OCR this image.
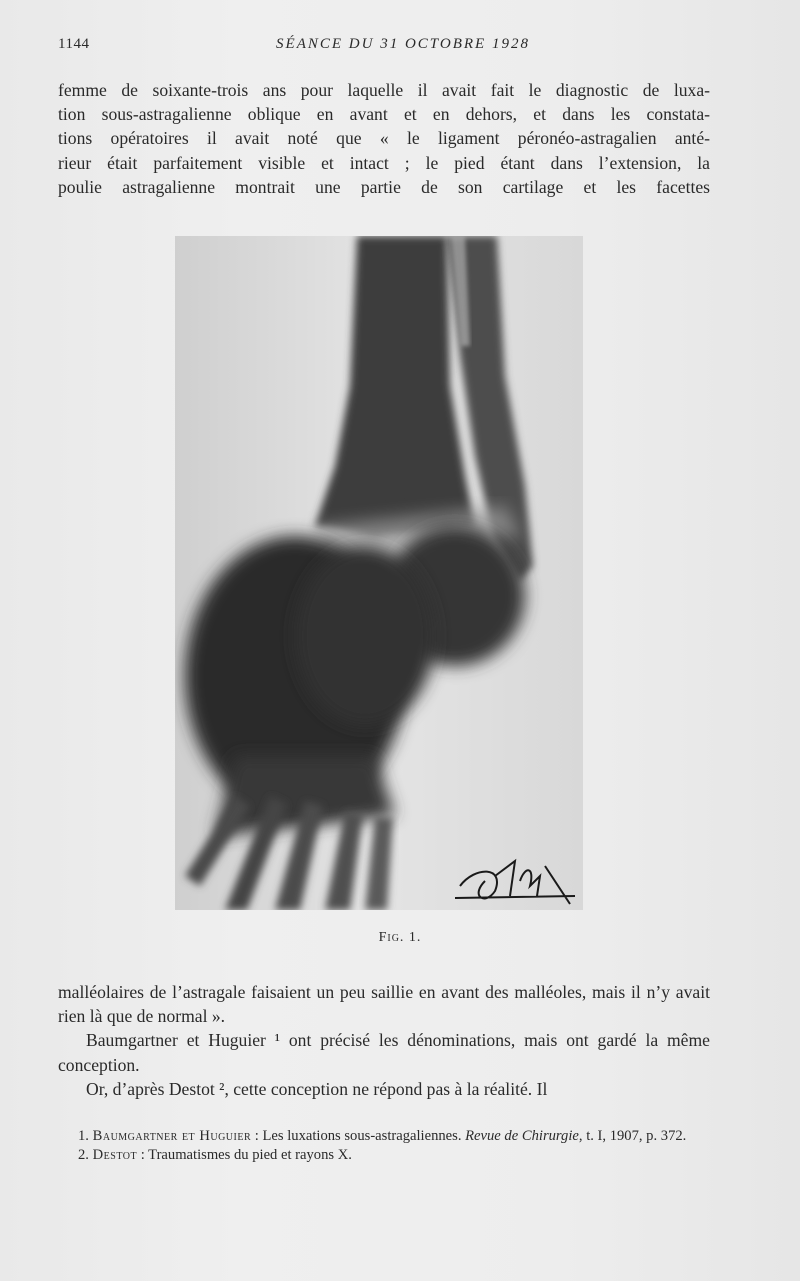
1144	SÉANCE DU 31 OCTOBRE 1928
femme de soixante-trois ans pour laquelle il avait fait le diagnostic de luxa-
tion sous-astragalienne oblique en avant et en dehors, et dans les constata-
tions opératoires il avait noté que « le ligament péronéo-astragalien anté-
rieur était parfaitement visible et intact ; le pied étant dans l’extension, la
poulie astragalienne montrait une partie de son cartilage et les facettes
Fig. 1.

malléolaires de l’astragale faisaient un peu saillie en avant des malléoles, mais il n’y avait rien là que de normal ».

Baumgartner et Huguier ¹ ont précisé les dénominations, mais ont gardé la même conception.

Or, d’après Destot ², cette conception ne répond pas à la réalité. Il

1. Baumgartner et Huguier : Les luxations sous-astragaliennes. Revue de Chirurgie, t. I, 1907, p. 372.

2. Destot : Traumatismes du pied et rayons X.
